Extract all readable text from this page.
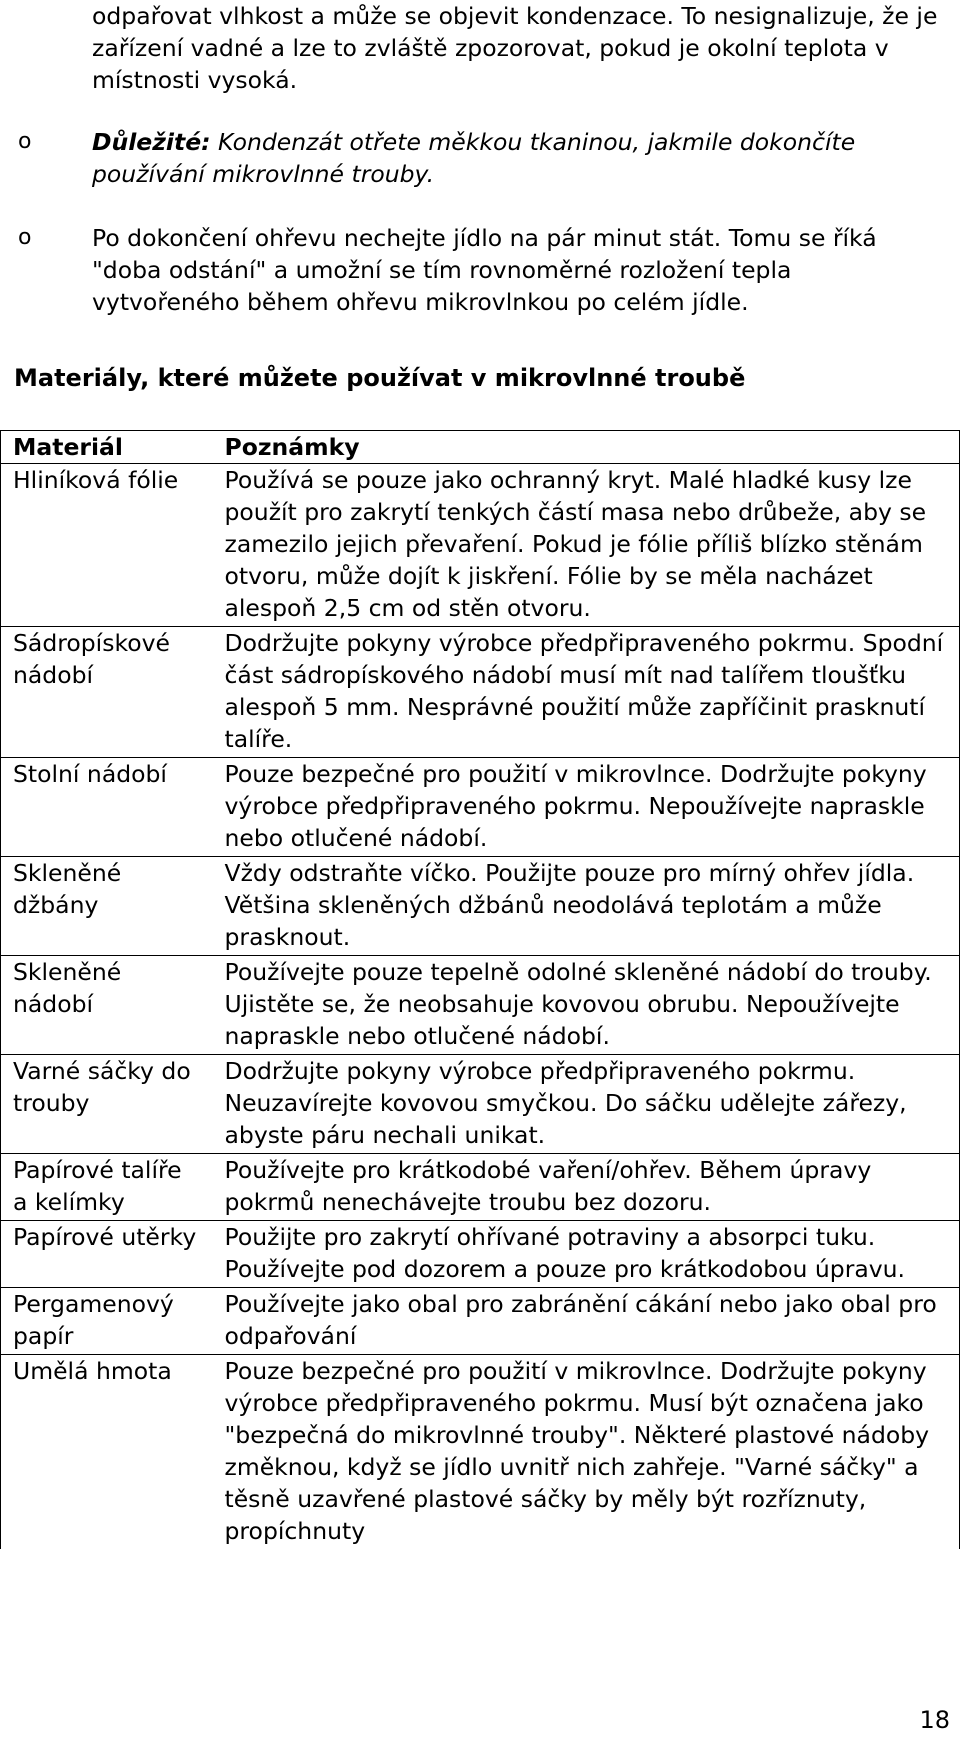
odpařovat vlhkost a může se objevit kondenzace. To nesignalizuje, že je zařízení vadné a lze to zvláště zpozorovat, pokud je okolní teplota v místnosti vysoká.
o	Důležité: Kondenzát otřete měkkou tkaninou, jakmile dokončíte používání mikrovlnné trouby.
o	Po dokončení ohřevu nechejte jídlo na pár minut stát. Tomu se říká "doba odstání" a umožní se tím rovnoměrné rozložení tepla vytvořeného během ohřevu mikrovlnkou po celém jídle.
Materiály, které můžete používat v mikrovlnné troubě
Materiál	Poznámky
Hliníková fólie	Používá se pouze jako ochranný kryt. Malé hladké kusy lze použít pro zakrytí tenkých částí masa nebo drůbeže, aby se zamezilo jejich převaření. Pokud je fólie příliš blízko stěnám otvoru, může dojít k jiskření. Fólie by se měla nacházet alespoň 2,5 cm od stěn otvoru.
Sádropískové nádobí	Dodržujte pokyny výrobce předpřipraveného pokrmu. Spodní část sádropískového nádobí musí mít nad talířem tloušťku alespoň 5 mm. Nesprávné použití může zapříčinit prasknutí talíře.
Stolní nádobí	Pouze bezpečné pro použití v mikrovlnce. Dodržujte pokyny výrobce předpřipraveného pokrmu. Nepoužívejte napraskle nebo otlučené nádobí.
Skleněné džbány	Vždy odstraňte víčko. Použijte pouze pro mírný ohřev jídla. Většina skleněných džbánů neodolává teplotám a může prasknout.
Skleněné nádobí	Používejte pouze tepelně odolné skleněné nádobí do trouby. Ujistěte se, že neobsahuje kovovou obrubu. Nepoužívejte napraskle nebo otlučené nádobí.
Varné sáčky do trouby	Dodržujte pokyny výrobce předpřipraveného pokrmu. Neuzavírejte kovovou smyčkou. Do sáčku udělejte zářezy, abyste páru nechali unikat.
Papírové talíře a kelímky	Používejte pro krátkodobé vaření/ohřev. Během úpravy pokrmů nenechávejte troubu bez dozoru.
Papírové utěrky	Použijte pro zakrytí ohřívané potraviny a absorpci tuku. Používejte pod dozorem a pouze pro krátkodobou úpravu.
Pergamenový papír	Používejte jako obal pro zabránění cákání nebo jako obal pro odpařování
Umělá hmota	Pouze bezpečné pro použití v mikrovlnce. Dodržujte pokyny výrobce předpřipraveného pokrmu. Musí být označena jako "bezpečná do mikrovlnné trouby". Některé plastové nádoby změknou, když se jídlo uvnitř nich zahřeje. "Varné sáčky" a těsně uzavřené plastové sáčky by měly být rozříznuty, propíchnuty
18
